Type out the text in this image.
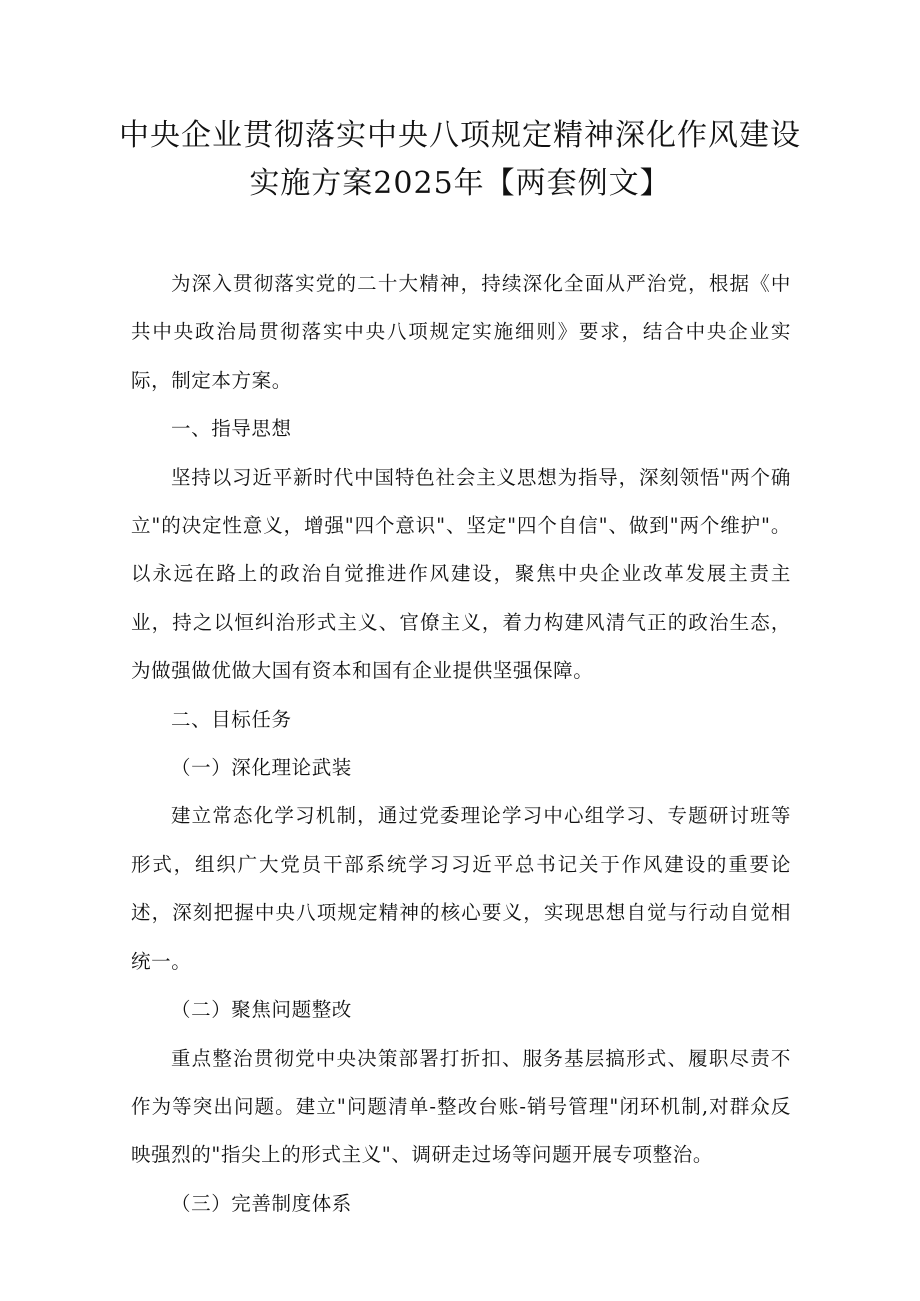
中央企业贯彻落实中央八项规定精神深化作风建设
实施方案2025年【两套例文】

为深入贯彻落实党的二十大精神，持续深化全面从严治党，根据《中共中央政治局贯彻落实中央八项规定实施细则》要求，结合中央企业实际，制定本方案。

一、指导思想

坚持以习近平新时代中国特色社会主义思想为指导，深刻领悟"两个确立"的决定性意义，增强"四个意识"、坚定"四个自信"、做到"两个维护"。以永远在路上的政治自觉推进作风建设，聚焦中央企业改革发展主责主业，持之以恒纠治形式主义、官僚主义，着力构建风清气正的政治生态，为做强做优做大国有资本和国有企业提供坚强保障。

二、目标任务

（一）深化理论武装

建立常态化学习机制，通过党委理论学习中心组学习、专题研讨班等形式，组织广大党员干部系统学习习近平总书记关于作风建设的重要论述，深刻把握中央八项规定精神的核心要义，实现思想自觉与行动自觉相统一。

（二）聚焦问题整改

重点整治贯彻党中央决策部署打折扣、服务基层搞形式、履职尽责不作为等突出问题。建立"问题清单-整改台账-销号管理"闭环机制,对群众反映强烈的"指尖上的形式主义"、调研走过场等问题开展专项整治。

（三）完善制度体系
